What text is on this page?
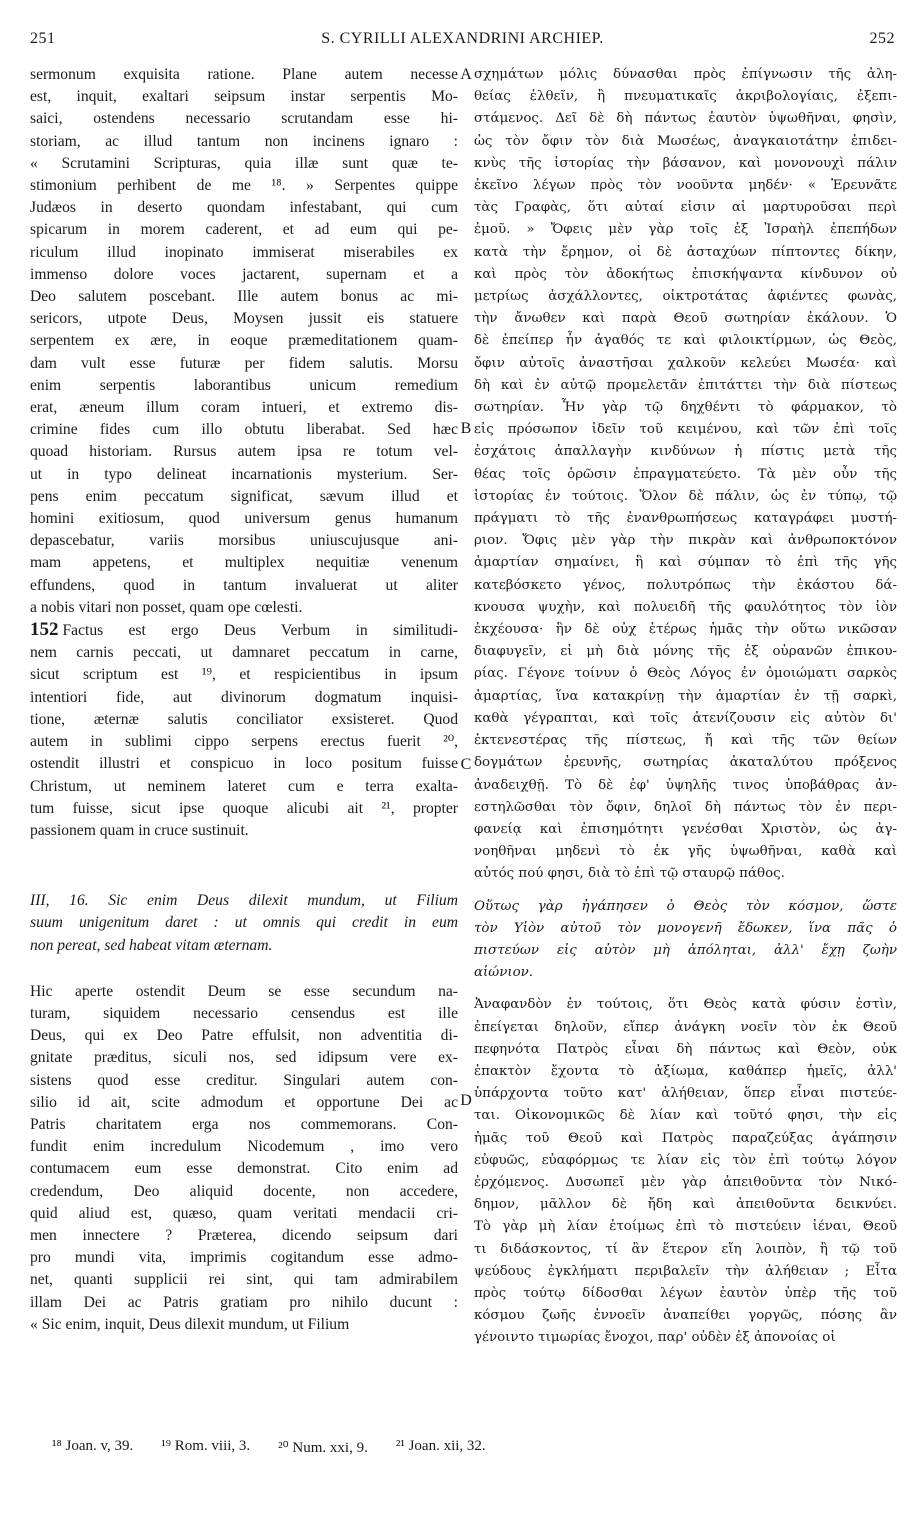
251	S. CYRILLI ALEXANDRINI ARCHIEP.	252
A
B
C
D

sermonum exquisita ratione. Plane autem necesse
est, inquit, exaltari seipsum instar serpentis Mo-
saici, ostendens necessario scrutandam esse hi-
storiam, ac illud tantum non incinens ignaro :
« Scrutamini Scripturas, quia illæ sunt quæ te-
stimonium perhibent de me ¹⁸. » Serpentes quippe
Judæos in deserto quondam infestabant, qui cum
spicarum in morem caderent, et ad eum qui pe-
riculum illud inopinato immiserat miserabiles ex
immenso dolore voces jactarent, supernam et a
Deo salutem poscebant. Ille autem bonus ac mi-
sericors, utpote Deus, Moysen jussit eis statuere
serpentem ex ære, in eoque præmeditationem quam-
dam vult esse futuræ per fidem salutis. Morsu
enim serpentis laborantibus unicum remedium
erat, æneum illum coram intueri, et extremo dis-
crimine fides cum illo obtutu liberabat. Sed hæc
quoad historiam. Rursus autem ipsa re totum vel-
ut in typo delineat incarnationis mysterium. Ser-
pens enim peccatum significat, sævum illud et
homini exitiosum, quod universum genus humanum
depascebatur, variis morsibus uniuscujusque ani-
mam appetens, et multiplex nequitiæ venenum
effundens, quod in tantum invaluerat ut aliter
a nobis vitari non posset, quam ope cœlesti.

152 Factus est ergo Deus Verbum in similitudi-
nem carnis peccati, ut damnaret peccatum in carne,
sicut scriptum est ¹⁹, et respicientibus in ipsum
intentiori fide, aut divinorum dogmatum inquisi-
tione, æternæ salutis conciliator exsisteret. Quod
autem in sublimi cippo serpens erectus fuerit ²⁰,
ostendit illustri et conspicuo in loco positum fuisse
Christum, ut neminem lateret cum e terra exalta-
tum fuisse, sicut ipse quoque alicubi ait ²¹, propter
passionem quam in cruce sustinuit.

III, 16. Sic enim Deus dilexit mundum, ut Filium
suum unigenitum daret : ut omnis qui credit in eum
non pereat, sed habeat vitam æternam.

Hic aperte ostendit Deum se esse secundum na-
turam, siquidem necessario censendus est ille
Deus, qui ex Deo Patre effulsit, non adventitia di-
gnitate præditus, siculi nos, sed idipsum vere ex-
sistens quod esse creditur. Singulari autem con-
silio id ait, scite admodum et opportune Dei ac
Patris charitatem erga nos commemorans. Con-
fundit enim incredulum Nicodemum , imo vero
contumacem eum esse demonstrat. Cito enim ad
credendum, Deo aliquid docente, non accedere,
quid aliud est, quæso, quam veritati mendacii cri-
men innectere ? Præterea, dicendo seipsum dari
pro mundi vita, imprimis cogitandum esse admo-
net, quanti supplicii rei sint, qui tam admirabilem
illam Dei ac Patris gratiam pro nihilo ducunt :
« Sic enim, inquit, Deus dilexit mundum, ut Filium

σχημάτων μόλις δύνασθαι πρὸς ἐπίγνωσιν τῆς ἀλη-
θείας ἐλθεῖν, ἢ πνευματικαῖς ἀκριβολογίαις, ἐξεπι-
στάμενος. Δεῖ δὲ δὴ πάντως ἑαυτὸν ὑψωθῆναι, φησὶν,
ὡς τὸν ὄφιν τὸν διὰ Μωσέως, ἀναγκαιοτάτην ἐπιδει-
κνὺς τῆς ἱστορίας τὴν βάσανον, καὶ μονονουχὶ πάλιν
ἐκεῖνο λέγων πρὸς τὸν νοοῦντα μηδέν· « Ἐρευνᾶτε
τὰς Γραφὰς, ὅτι αὐταί εἰσιν αἱ μαρτυροῦσαι περὶ
ἐμοῦ. » Ὄφεις μὲν γὰρ τοῖς ἐξ Ἰσραὴλ ἐπεπήδων
κατὰ τὴν ἔρημον, οἱ δὲ ἀσταχύων πίπτοντες δίκην,
καὶ πρὸς τὸν ἀδοκήτως ἐπισκήψαντα κίνδυνον οὐ
μετρίως ἀσχάλλοντες, οἰκτροτάτας ἀφιέντες φωνὰς,
τὴν ἄνωθεν καὶ παρὰ Θεοῦ σωτηρίαν ἐκάλουν. Ὁ
δὲ ἐπείπερ ἦν ἀγαθός τε καὶ φιλοικτίρμων, ὡς Θεὸς,
ὄφιν αὐτοῖς ἀναστῆσαι χαλκοῦν κελεύει Μωσέα· καὶ
δὴ καὶ ἐν αὐτῷ προμελετᾶν ἐπιτάττει τὴν διὰ πίστεως
σωτηρίαν. Ἦν γὰρ τῷ δηχθέντι τὸ φάρμακον, τὸ
εἰς πρόσωπον ἰδεῖν τοῦ κειμένου, καὶ τῶν ἐπὶ τοῖς
ἐσχάτοις ἀπαλλαγὴν κινδύνων ἡ πίστις μετὰ τῆς
θέας τοῖς ὁρῶσιν ἐπραγματεύετο. Τὰ μὲν οὖν τῆς
ἱστορίας ἐν τούτοις. Ὅλον δὲ πάλιν, ὡς ἐν τύπῳ, τῷ
πράγματι τὸ τῆς ἐνανθρωπήσεως καταγράφει μυστή-
ριον. Ὄφις μὲν γὰρ τὴν πικρὰν καὶ ἀνθρωποκτόνον
ἁμαρτίαν σημαίνει, ἣ καὶ σύμπαν τὸ ἐπὶ τῆς γῆς
κατεβόσκετο γένος, πολυτρόπως τὴν ἑκάστου δά-
κνουσα ψυχὴν, καὶ πολυειδῆ τῆς φαυλότητος τὸν ἰὸν
ἐκχέουσα· ἣν δὲ οὐχ ἑτέρως ἡμᾶς τὴν οὕτω νικῶσαν
διαφυγεῖν, εἰ μὴ διὰ μόνης τῆς ἐξ οὐρανῶν ἐπικου-
ρίας. Γέγονε τοίνυν ὁ Θεὸς Λόγος ἐν ὁμοιώματι σαρκὸς
ἁμαρτίας, ἵνα κατακρίνῃ τὴν ἁμαρτίαν ἐν τῇ σαρκὶ,
καθὰ γέγραπται, καὶ τοῖς ἀτενίζουσιν εἰς αὐτὸν δι'
ἐκτενεστέρας τῆς πίστεως, ἤ καὶ τῆς τῶν θείων
δογμάτων ἐρευνῆς, σωτηρίας ἀκαταλύτου πρόξενος
ἀναδειχθῇ. Τὸ δὲ ἐφ' ὑψηλῆς τινος ὑποβάθρας ἀν-
εστηλῶσθαι τὸν ὄφιν, δηλοῖ δὴ πάντως τὸν ἐν περι-
φανείᾳ καὶ ἐπισημότητι γενέσθαι Χριστὸν, ὡς ἀγ-
νοηθῆναι μηδενὶ τὸ ἐκ γῆς ὑψωθῆναι, καθὰ καὶ
αὐτός πού φησι, διὰ τὸ ἐπὶ τῷ σταυρῷ πάθος.

Οὕτως γὰρ ἠγάπησεν ὁ Θεὸς τὸν κόσμον, ὥστε
τὸν Υἱὸν αὐτοῦ τὸν μονογενῆ ἔδωκεν, ἵνα πᾶς ὁ
πιστεύων εἰς αὐτὸν μὴ ἀπόληται, ἀλλ' ἔχῃ ζωὴν
αἰώνιον.

Ἀναφανδὸν ἐν τούτοις, ὅτι Θεὸς κατὰ φύσιν ἐστὶν,
ἐπείγεται δηλοῦν, εἴπερ ἀνάγκη νοεῖν τὸν ἐκ Θεοῦ
πεφηνότα Πατρὸς εἶναι δὴ πάντως καὶ Θεὸν, οὐκ
ἐπακτὸν ἔχοντα τὸ ἀξίωμα, καθάπερ ἡμεῖς, ἀλλ'
ὑπάρχοντα τοῦτο κατ' ἀλήθειαν, ὅπερ εἶναι πιστεύε-
ται. Οἰκονομικῶς δὲ λίαν καὶ τοῦτό φησι, τὴν εἰς
ἡμᾶς τοῦ Θεοῦ καὶ Πατρὸς παραζεύξας ἀγάπησιν
εὐφυῶς, εὐαφόρμως τε λίαν εἰς τὸν ἐπὶ τούτῳ λόγον
ἐρχόμενος. Δυσωπεῖ μὲν γὰρ ἀπειθοῦντα τὸν Νικό-
δημον, μᾶλλον δὲ ἤδη καὶ ἀπειθοῦντα δεικνύει.
Τὸ γὰρ μὴ λίαν ἑτοίμως ἐπὶ τὸ πιστεύειν ἰέναι, Θεοῦ
τι διδάσκοντος, τί ἂν ἕτερον εἴη λοιπὸν, ἢ τῷ τοῦ
ψεύδους ἐγκλήματι περιβαλεῖν τὴν ἀλήθειαν ; Εἶτα
πρὸς τούτῳ δίδοσθαι λέγων ἑαυτὸν ὑπὲρ τῆς τοῦ
κόσμου ζωῆς ἐννοεῖν ἀναπείθει γοργῶς, πόσης ἂν
γένοιντο τιμωρίας ἔνοχοι, παρ' οὐδὲν ἐξ ἀπονοίας οἱ

¹⁸ Joan. v, 39. ¹⁹ Rom. viii, 3. ²⁰ Num. xxi, 9. ²¹ Joan. xii, 32.
